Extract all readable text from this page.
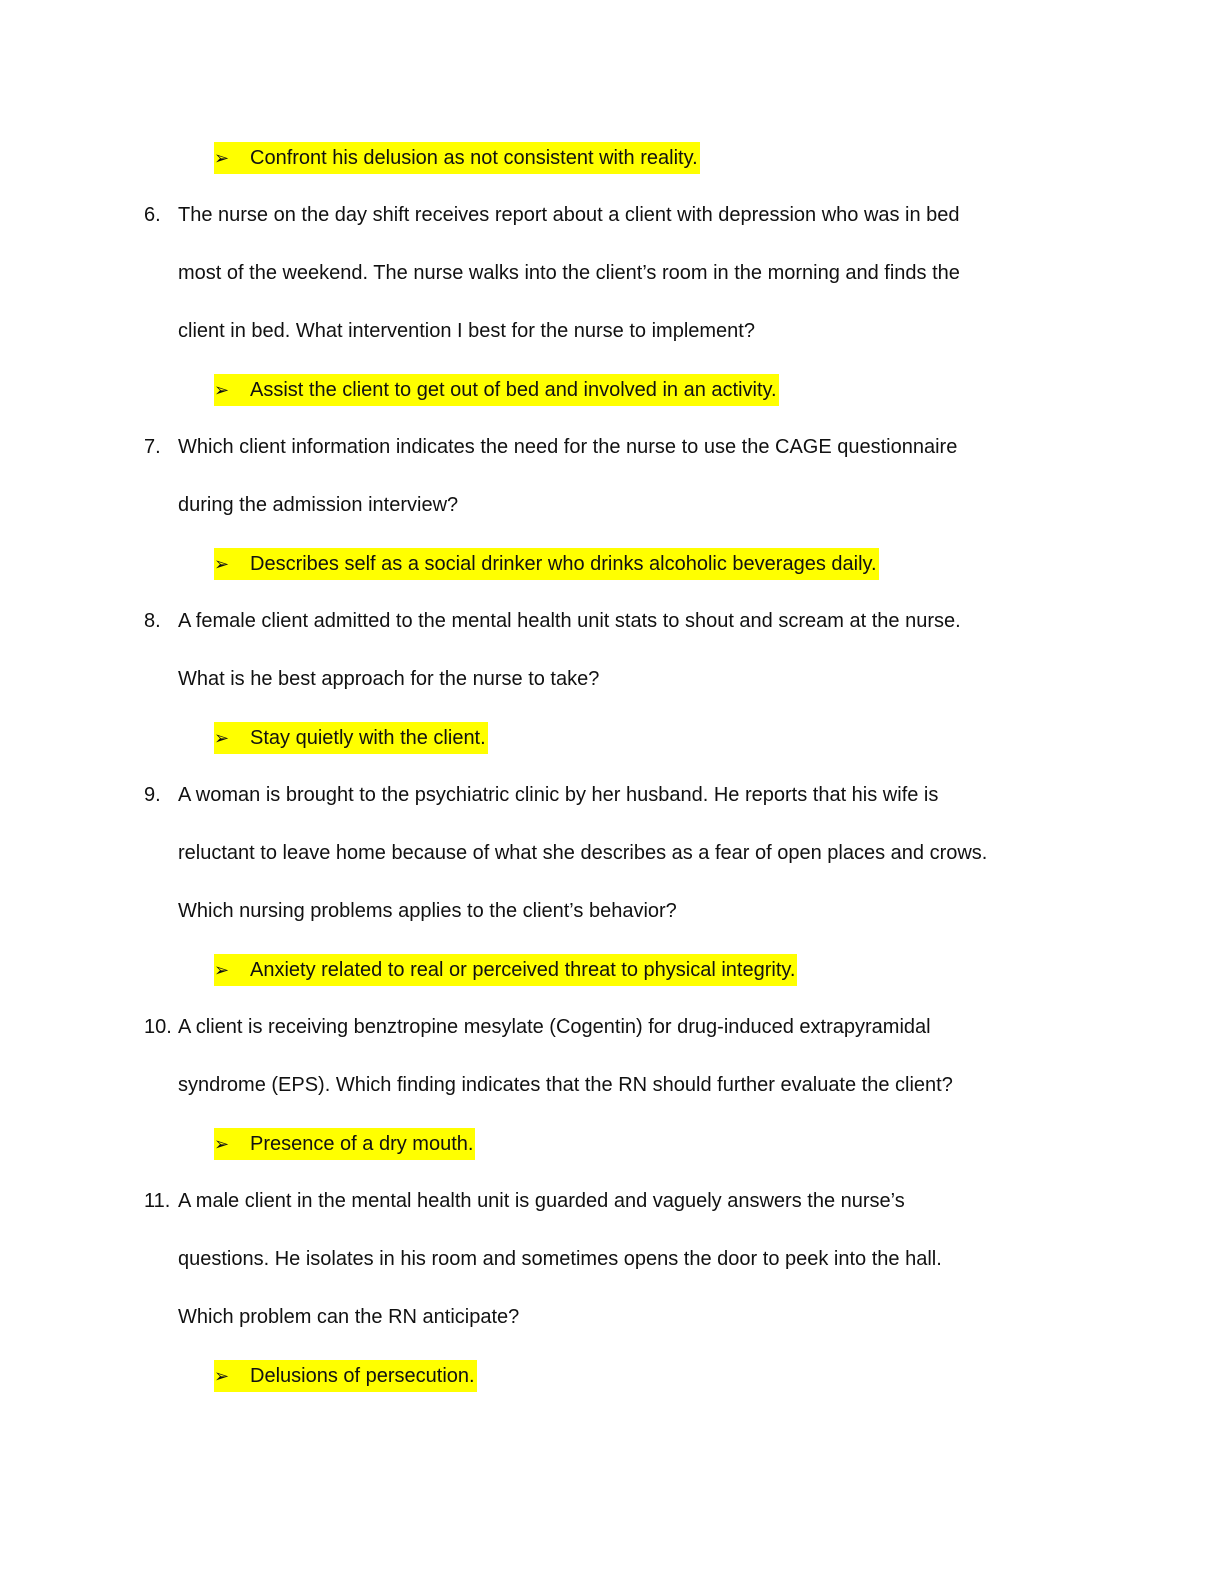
➢ Confront his delusion as not consistent with reality.
6. The nurse on the day shift receives report about a client with depression who was in bed
most of the weekend. The nurse walks into the client’s room in the morning and finds the
client in bed. What intervention I best for the nurse to implement?
➢ Assist the client to get out of bed and involved in an activity.
7. Which client information indicates the need for the nurse to use the CAGE questionnaire
during the admission interview?
➢ Describes self as a social drinker who drinks alcoholic beverages daily.
8. A female client admitted to the mental health unit stats to shout and scream at the nurse.
What is he best approach for the nurse to take?
➢ Stay quietly with the client.
9. A woman is brought to the psychiatric clinic by her husband. He reports that his wife is
reluctant to leave home because of what she describes as a fear of open places and crows.
Which nursing problems applies to the client’s behavior?
➢ Anxiety related to real or perceived threat to physical integrity.
10. A client is receiving benztropine mesylate (Cogentin) for drug-induced extrapyramidal
syndrome (EPS). Which finding indicates that the RN should further evaluate the client?
➢ Presence of a dry mouth.
11. A male client in the mental health unit is guarded and vaguely answers the nurse’s
questions. He isolates in his room and sometimes opens the door to peek into the hall.
Which problem can the RN anticipate?
➢ Delusions of persecution.
